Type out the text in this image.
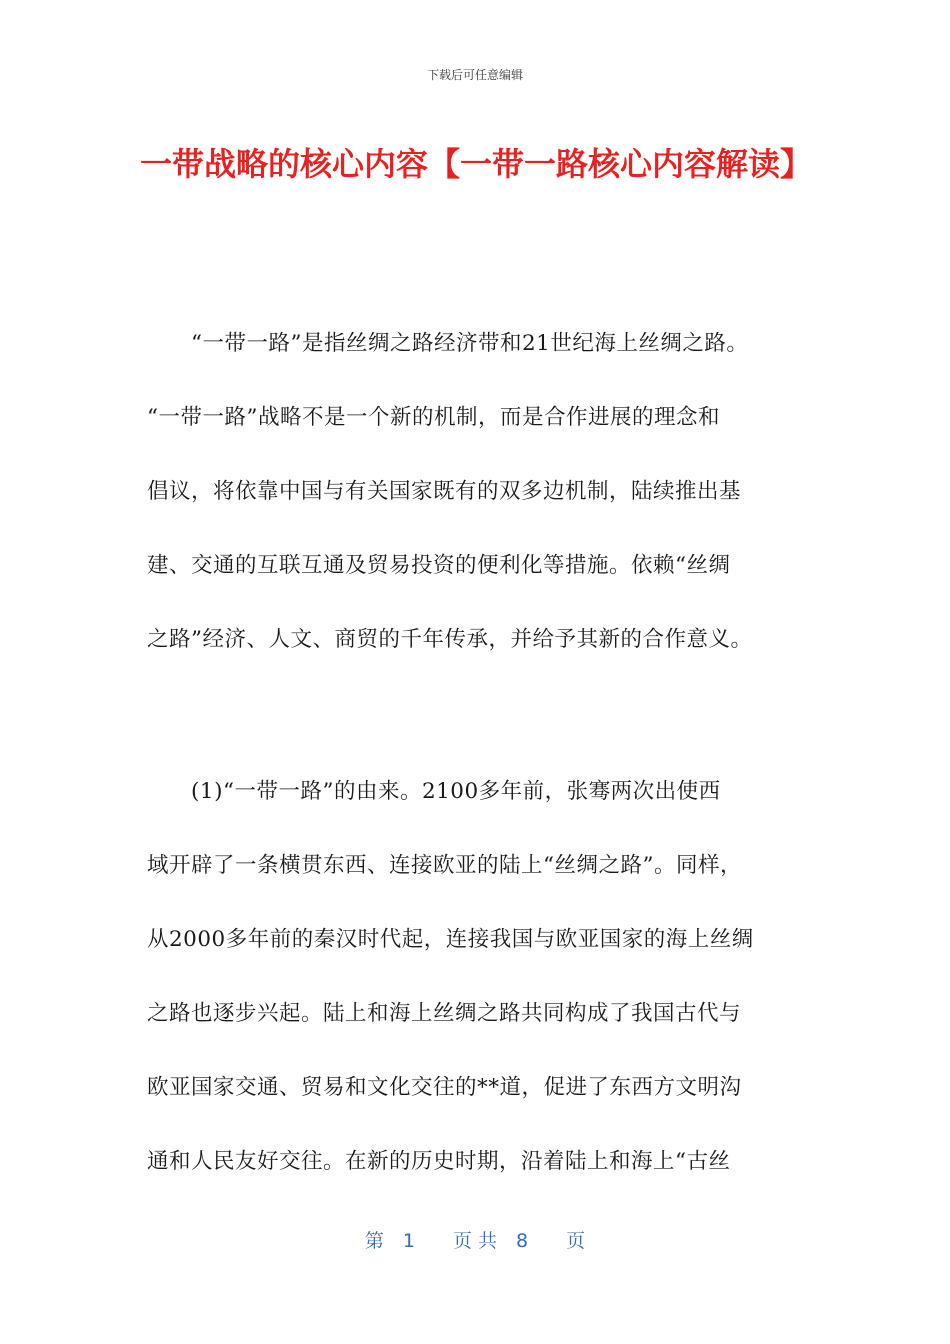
下载后可任意编辑
一带战略的核心内容【一带一路核心内容解读】
　　“一带一路”是指丝绸之路经济带和21世纪海上丝绸之路。
“一带一路”战略不是一个新的机制，而是合作进展的理念和
倡议，将依靠中国与有关国家既有的双多边机制，陆续推出基
建、交通的互联互通及贸易投资的便利化等措施。依赖“丝绸
之路”经济、人文、商贸的千年传承，并给予其新的合作意义。
　　(1)“一带一路”的由来。2100多年前，张骞两次出使西
域开辟了一条横贯东西、连接欧亚的陆上“丝绸之路”。同样，
从2000多年前的秦汉时代起，连接我国与欧亚国家的海上丝绸
之路也逐步兴起。陆上和海上丝绸之路共同构成了我国古代与
欧亚国家交通、贸易和文化交往的**道，促进了东西方文明沟
通和人民友好交往。在新的历史时期，沿着陆上和海上“古丝
第　1　　页 共　8　　页
